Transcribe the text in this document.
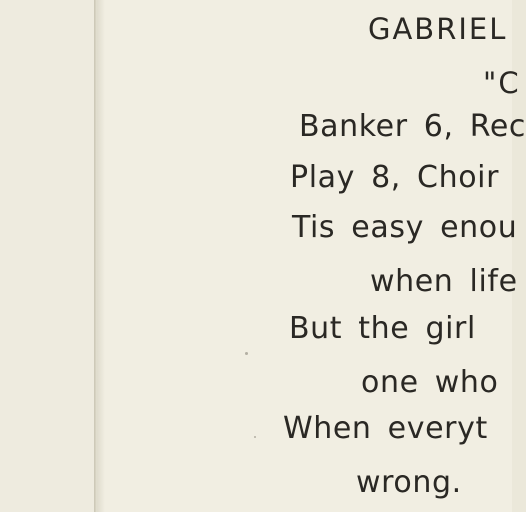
GABRIEL
"C
Banker 6, Rec
Play 8, Choir
Tis easy enou
when life
But the girl
one who
When everyt
wrong.
